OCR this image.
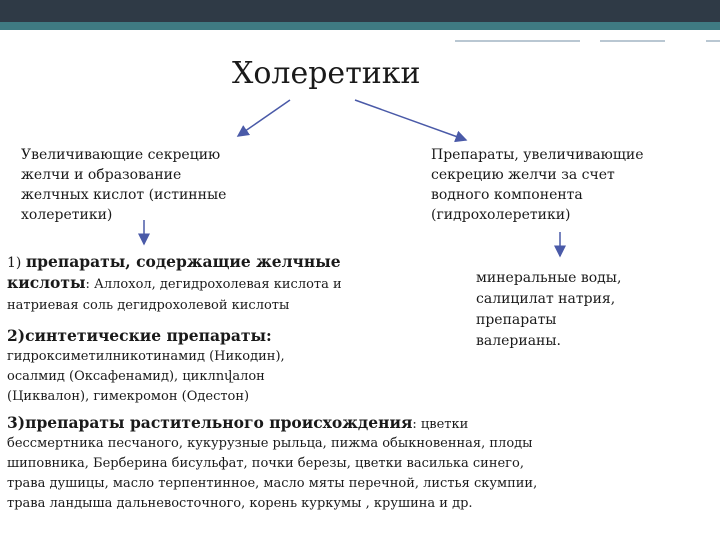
Холеретики
Увеличивающие секрецию
желчи и образование
желчных кислот (истинные
холеретики)
Препараты, увеличивающие
секрецию желчи за счет
водного компонента
(гидрохолеретики)
1) препараты, содержащие желчные
кислоты: Аллохол, дегидрохолевая кислота и
натриевая соль дегидрохолевой кислоты
2)синтетические препараты:
гидроксиметилникотинамид (Никодин),
осалмид (Оксафенамид), циклովалон
(Циквалон), гимекромон (Одестон)
минеральные воды,
салицилат натрия,
препараты
валерианы.
3)препараты растительного происхождения: цветки
бессмертника песчаного, кукурузные рыльца, пижма обыкновенная, плоды
шиповника, Берберина бисульфат, почки березы, цветки василька синего,
трава душицы, масло терпентинное, масло мяты перечной, листья скумпии,
трава ландыша дальневосточного, корень куркумы , крушина и др.
